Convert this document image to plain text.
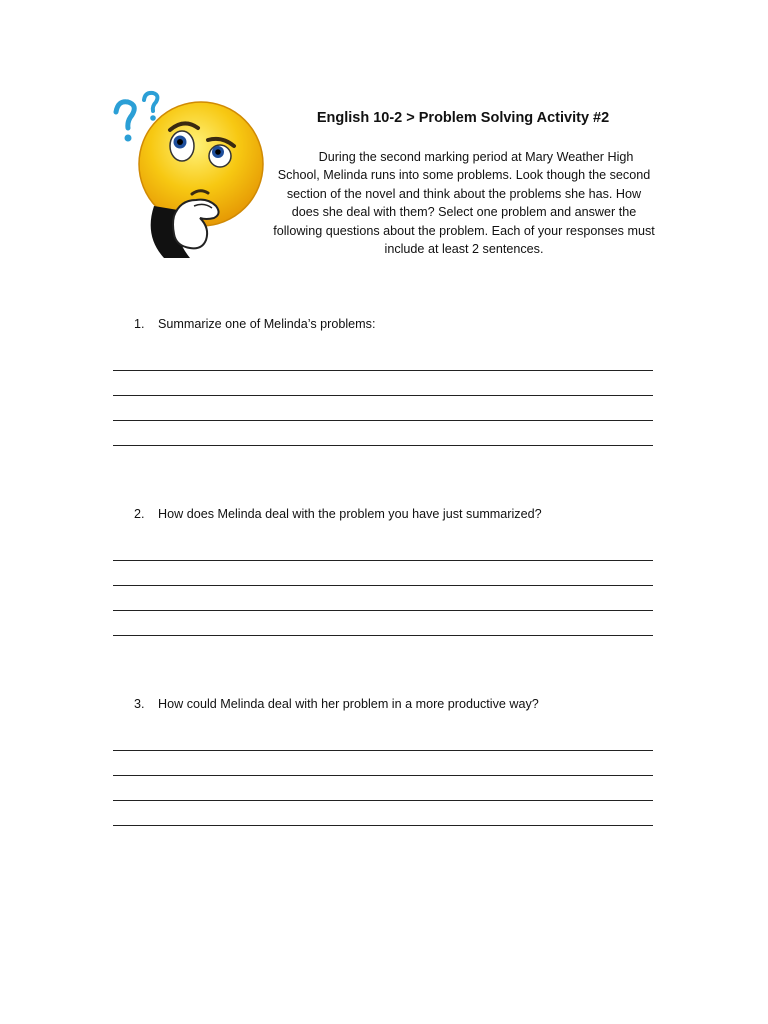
English 10-2 > Problem Solving Activity #2

During the second marking period at Mary Weather High School, Melinda runs into some problems. Look though the second section of the novel and think about the problems she has. How does she deal with them? Select one problem and answer the following questions about the problem. Each of your responses must include at least 2 sentences.

1.	Summarize one of Melinda’s problems:
2.	How does Melinda deal with the problem you have just summarized?
3.	How could Melinda deal with her problem in a more productive way?
